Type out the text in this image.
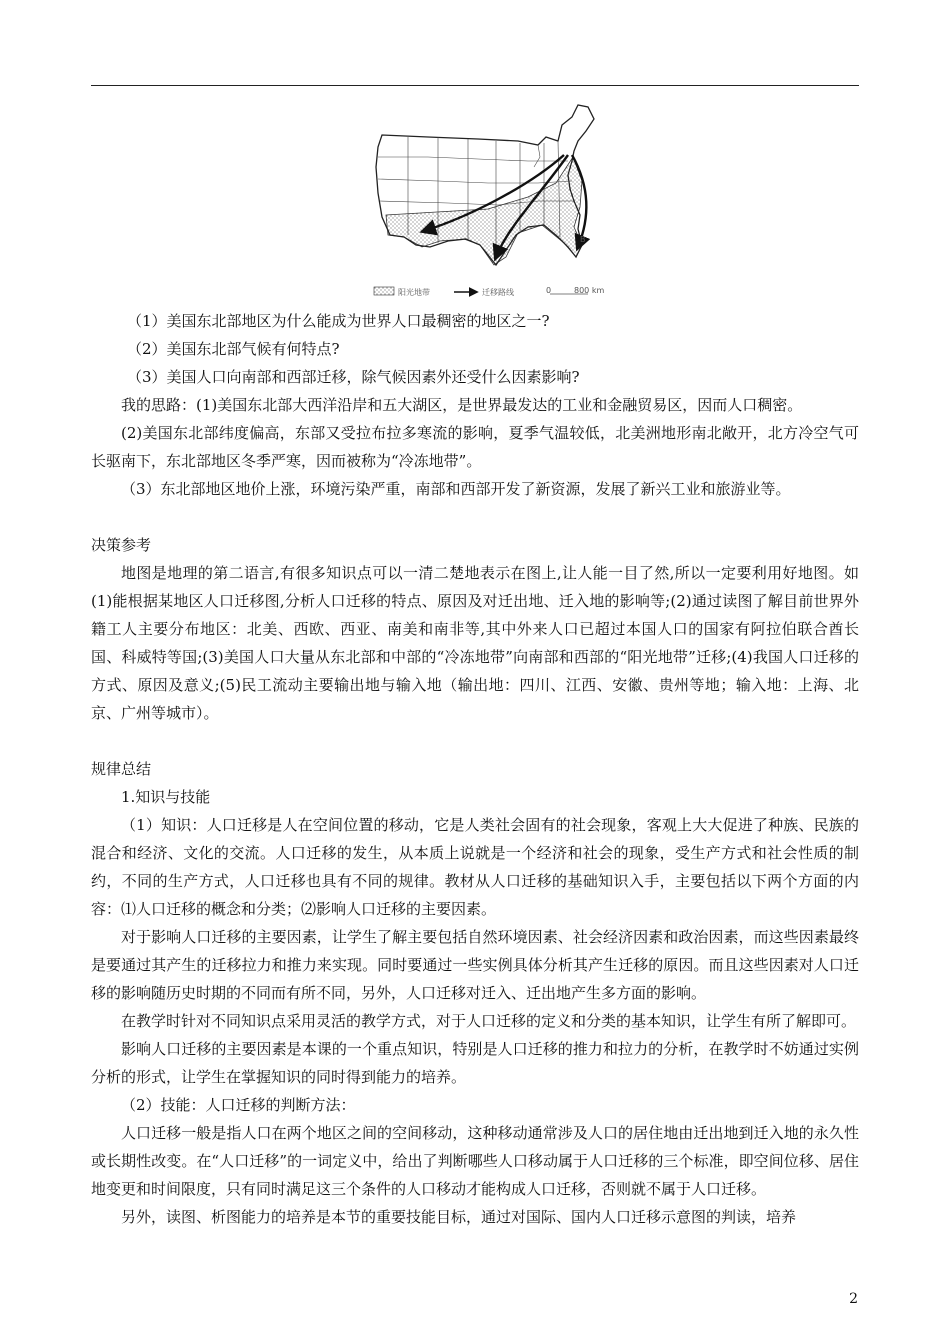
B
阳光地带	迁移路线	0	800 km

（1）美国东北部地区为什么能成为世界人口最稠密的地区之一?

（2）美国东北部气候有何特点?

（3）美国人口向南部和西部迁移，除气候因素外还受什么因素影响?

我的思路：(1)美国东北部大西洋沿岸和五大湖区，是世界最发达的工业和金融贸易区，因而人口稠密。

(2)美国东北部纬度偏高，东部又受拉布拉多寒流的影响，夏季气温较低，北美洲地形南北敞开，北方冷空气可长驱南下，东北部地区冬季严寒，因而被称为“冷冻地带”。

（3）东北部地区地价上涨，环境污染严重，南部和西部开发了新资源，发展了新兴工业和旅游业等。

决策参考

地图是地理的第二语言,有很多知识点可以一清二楚地表示在图上,让人能一目了然,所以一定要利用好地图。如(1)能根据某地区人口迁移图,分析人口迁移的特点、原因及对迁出地、迁入地的影响等;(2)通过读图了解目前世界外籍工人主要分布地区：北美、西欧、西亚、南美和南非等,其中外来人口已超过本国人口的国家有阿拉伯联合酋长国、科威特等国;(3)美国人口大量从东北部和中部的“冷冻地带”向南部和西部的“阳光地带”迁移;(4)我国人口迁移的方式、原因及意义;(5)民工流动主要输出地与输入地（输出地：四川、江西、安徽、贵州等地；输入地：上海、北京、广州等城市）。

规律总结

1.知识与技能

（1）知识：人口迁移是人在空间位置的移动，它是人类社会固有的社会现象，客观上大大促进了种族、民族的混合和经济、文化的交流。人口迁移的发生，从本质上说就是一个经济和社会的现象，受生产方式和社会性质的制约，不同的生产方式，人口迁移也具有不同的规律。教材从人口迁移的基础知识入手，主要包括以下两个方面的内容：⑴人口迁移的概念和分类；⑵影响人口迁移的主要因素。

对于影响人口迁移的主要因素，让学生了解主要包括自然环境因素、社会经济因素和政治因素，而这些因素最终是要通过其产生的迁移拉力和推力来实现。同时要通过一些实例具体分析其产生迁移的原因。而且这些因素对人口迁移的影响随历史时期的不同而有所不同，另外，人口迁移对迁入、迁出地产生多方面的影响。

在教学时针对不同知识点采用灵活的教学方式，对于人口迁移的定义和分类的基本知识，让学生有所了解即可。

影响人口迁移的主要因素是本课的一个重点知识，特别是人口迁移的推力和拉力的分析，在教学时不妨通过实例分析的形式，让学生在掌握知识的同时得到能力的培养。

（2）技能：人口迁移的判断方法：

人口迁移一般是指人口在两个地区之间的空间移动，这种移动通常涉及人口的居住地由迁出地到迁入地的永久性或长期性改变。在“人口迁移”的一词定义中，给出了判断哪些人口移动属于人口迁移的三个标准，即空间位移、居住地变更和时间限度，只有同时满足这三个条件的人口移动才能构成人口迁移，否则就不属于人口迁移。

另外，读图、析图能力的培养是本节的重要技能目标，通过对国际、国内人口迁移示意图的判读，培养

2
